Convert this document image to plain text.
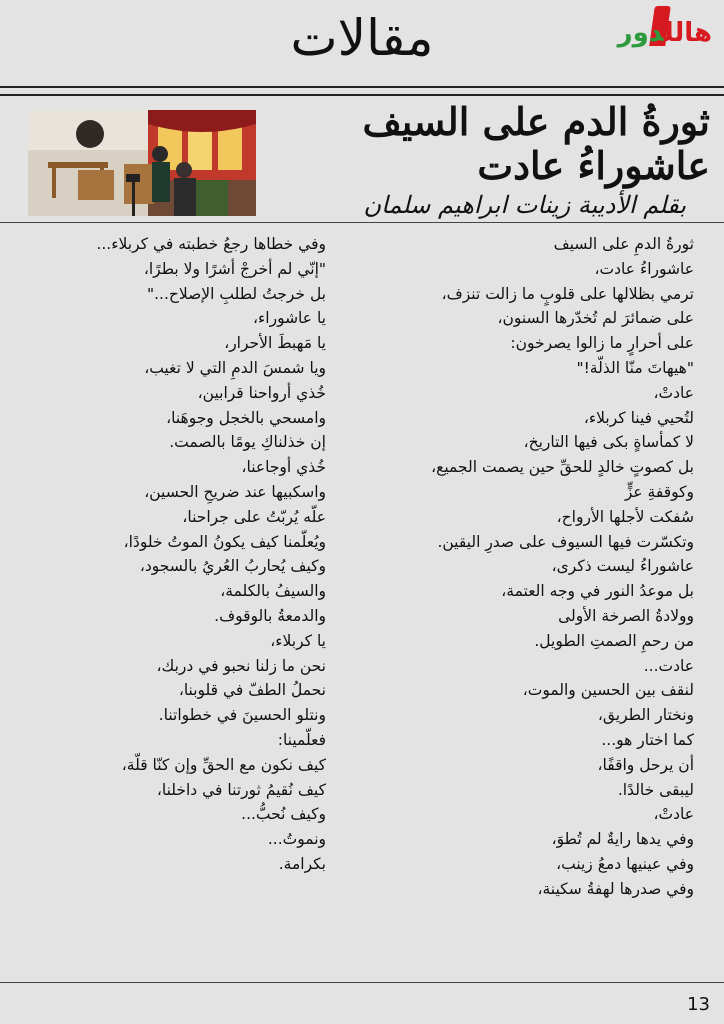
مقالات	هاللدور

ثورةُ الدم على السيف

عاشوراءُ عادت

بقلم الأديبة زينات ابراهيم سلمان

ثورةُ الدمِ على السيف

عاشوراءُ عادت،

ترمي بظلالها على قلوبٍ ما زالت تنزف،

على ضمائرَ لم تُخدّرها السنون،

على أحرارٍ ما زالوا يصرخون:

"هيهاتَ منّا الذلّة!"

عادتْ،

لتُحيي فينا كربلاء،

لا كمأساةٍ بكى فيها التاريخ،

بل كصوتٍ خالدٍ للحقِّ حين يصمت الجميع،

وكوقفةِ عزٍّ

سُفكت لأجلها الأرواح،

وتكسّرت فيها السيوف على صدرِ اليقين.

عاشوراءُ ليست ذكرى،

بل موعدُ النور في وجه العتمة،

وولادةُ الصرخة الأولى

من رحمِ الصمتِ الطويل.

عادت...

لنقف بين الحسين والموت،

ونختار الطريق،

كما اختار هو...

أن يرحل واقفًا،

ليبقى خالدًا.

عادتْ،

وفي يدها رايةٌ لم تُطوَ،

وفي عينيها دمعُ زينب،

وفي صدرها لهفةُ سكينة،

وفي خطاها رجعُ خطبته في كربلاء...

"إنّي لم أخرجْ أشرًا ولا بطرًا،

بل خرجتُ لطلبِ الإصلاح..."

يا عاشوراء،

يا مَهبطَ الأحرار،

ويا شمسَ الدمِ التي لا تغيب،

خُذي أرواحنا قرابين،

وامسحي بالخجل وجوهَنا،

إن خذلناكِ يومًا بالصمت.

خُذي أوجاعنا،

واسكبيها عند ضريحِ الحسين،

علّه يُربّتُ على جراحنا،

ويُعلّمنا كيف يكونُ الموتُ خلودًا،

وكيف يُحاربُ العُريُ بالسجود،

والسيفُ بالكلمة،

والدمعةُ بالوقوف.

يا كربلاء،

نحن ما زلنا نحبو في دربك،

نحملُ الطفّ في قلوبنا،

ونتلو الحسينَ في خطواتنا.

فعلّمينا:

كيف نكون مع الحقِّ وإن كنّا قلّة،

كيف نُقيمُ ثورتنا في داخلنا،

وكيف نُحبُّ...

ونموتُ...

بكرامة.

13
